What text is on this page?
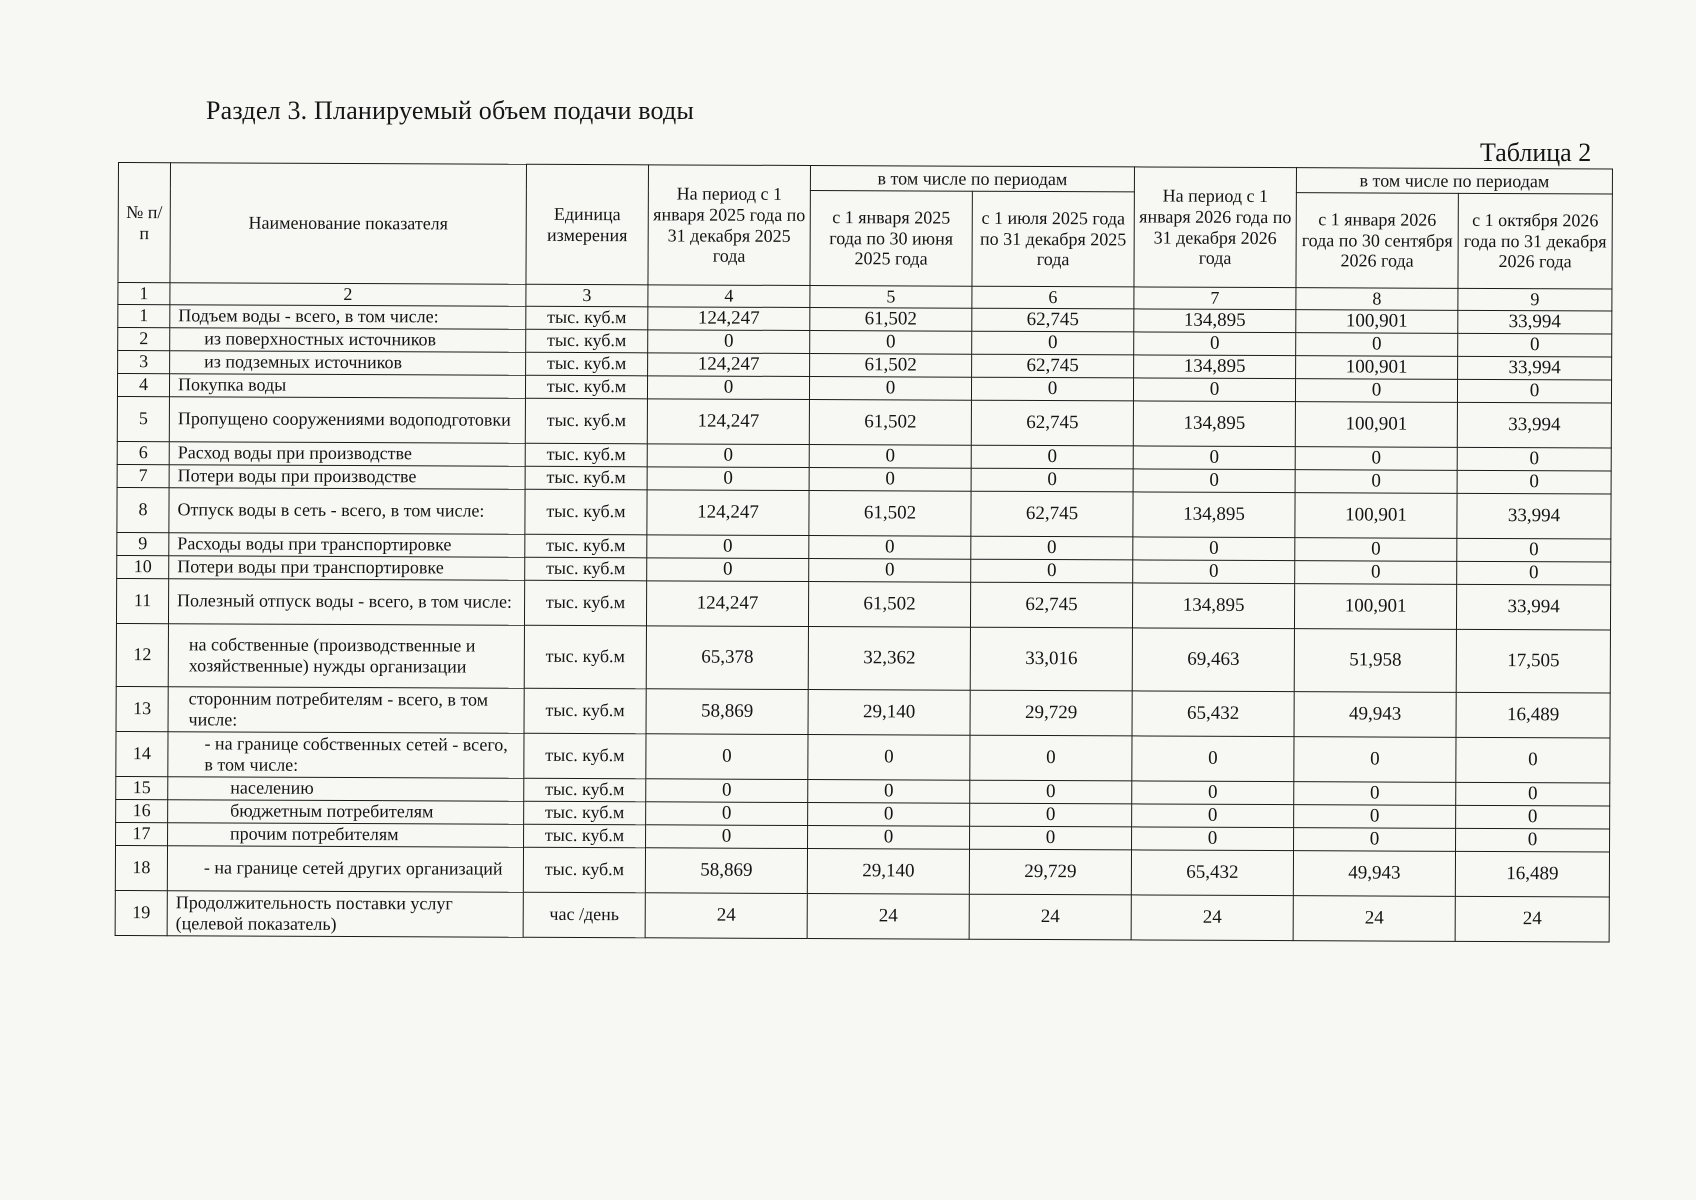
Раздел 3. Планируемый объем подачи воды
Таблица 2
№ п/п	Наименование показателя	Единица измерения	На период с 1 января 2025 года по 31 декабря 2025 года	в том числе по периодам		На период с 1 января 2026 года по 31 декабря 2026 года	в том числе по периодам	
				с 1 января 2025 года по 30 июня 2025 года	с 1 июля 2025 года по 31 декабря 2025 года		с 1 января 2026 года по 30 сентября 2026 года	с 1 октября 2026 года по 31 декабря 2026 года
1	2	3	4	5	6	7	8	9
1	Подъем воды - всего, в том числе:	тыс. куб.м	124,247	61,502	62,745	134,895	100,901	33,994
2	из поверхностных источников	тыс. куб.м	0	0	0	0	0	0
3	из подземных источников	тыс. куб.м	124,247	61,502	62,745	134,895	100,901	33,994
4	Покупка воды	тыс. куб.м	0	0	0	0	0	0
5	Пропущено сооружениями водоподготовки	тыс. куб.м	124,247	61,502	62,745	134,895	100,901	33,994
6	Расход воды при производстве	тыс. куб.м	0	0	0	0	0	0
7	Потери воды при производстве	тыс. куб.м	0	0	0	0	0	0
8	Отпуск воды в сеть - всего, в том числе:	тыс. куб.м	124,247	61,502	62,745	134,895	100,901	33,994
9	Расходы воды при транспортировке	тыс. куб.м	0	0	0	0	0	0
10	Потери воды при транспортировке	тыс. куб.м	0	0	0	0	0	0
11	Полезный отпуск воды - всего, в том числе:	тыс. куб.м	124,247	61,502	62,745	134,895	100,901	33,994
12	на собственные (производственные и хозяйственные) нужды организации	тыс. куб.м	65,378	32,362	33,016	69,463	51,958	17,505
13	сторонним потребителям - всего, в том числе:	тыс. куб.м	58,869	29,140	29,729	65,432	49,943	16,489
14	- на границе собственных сетей - всего, в том числе:	тыс. куб.м	0	0	0	0	0	0
15	населению	тыс. куб.м	0	0	0	0	0	0
16	бюджетным потребителям	тыс. куб.м	0	0	0	0	0	0
17	прочим потребителям	тыс. куб.м	0	0	0	0	0	0
18	- на границе сетей других организаций	тыс. куб.м	58,869	29,140	29,729	65,432	49,943	16,489
19	Продолжительность поставки услуг (целевой показатель)	час /день	24	24	24	24	24	24
